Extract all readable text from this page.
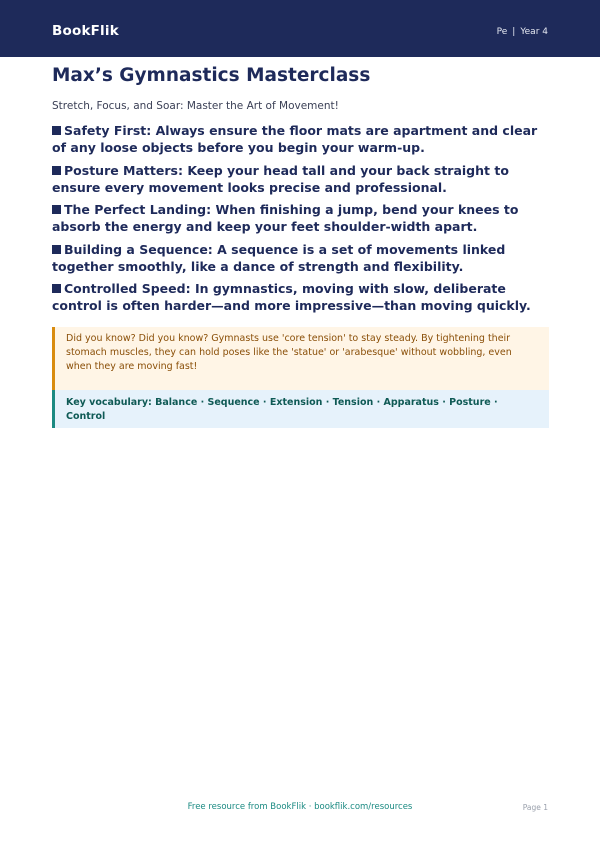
BookFlik	Pe | Year 4
Max’s Gymnastics Masterclass

Stretch, Focus, and Soar: Master the Art of Movement!

Safety First: Always ensure the floor mats are apartment and clear of any loose objects before you begin your warm-up.
Posture Matters: Keep your head tall and your back straight to ensure every movement looks precise and professional.
The Perfect Landing: When finishing a jump, bend your knees to absorb the energy and keep your feet shoulder-width apart.
Building a Sequence: A sequence is a set of movements linked together smoothly, like a dance of strength and flexibility.
Controlled Speed: In gymnastics, moving with slow, deliberate control is often harder—and more impressive—than moving quickly.
Did you know? Did you know? Gymnasts use 'core tension' to stay steady. By tightening their stomach muscles, they can hold poses like the 'statue' or 'arabesque' without wobbling, even when they are moving fast!
Key vocabulary: Balance · Sequence · Extension · Tension · Apparatus · Posture · Control
Free resource from BookFlik · bookflik.com/resources	Page 1
